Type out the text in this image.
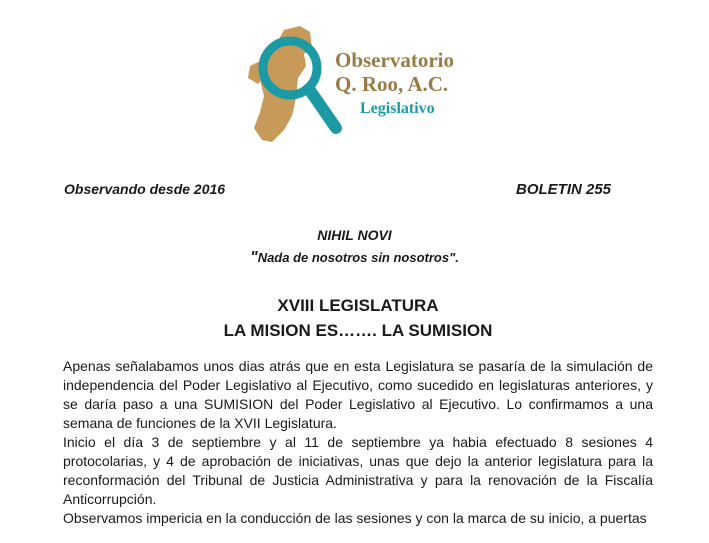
Observatorio
Q. Roo, A.C.
Legislativo
Observando desde 2016	BOLETIN 255
NIHIL NOVI
"Nada de nosotros sin nosotros".
XVIII LEGISLATURA
LA MISION ES……. LA SUMISION

Apenas señalabamos unos dias atrás que en esta Legislatura se pasaría de la simulación de independencia del Poder Legislativo al Ejecutivo, como sucedido en legislaturas anteriores, y se daría paso a una SUMISION del Poder Legislativo al Ejecutivo. Lo confirmamos a una semana de funciones de la XVII Legislatura.

Inicio el día 3 de septiembre y al 11 de septiembre ya habia efectuado 8 sesiones 4 protocolarias, y 4 de aprobación de iniciativas, unas que dejo la anterior legislatura para la reconformación del Tribunal de Justicia Administrativa y para la renovación de la Fiscalía Anticorrupción.

Observamos impericia en la conducción de las sesiones y con la marca de su inicio, a puertas
